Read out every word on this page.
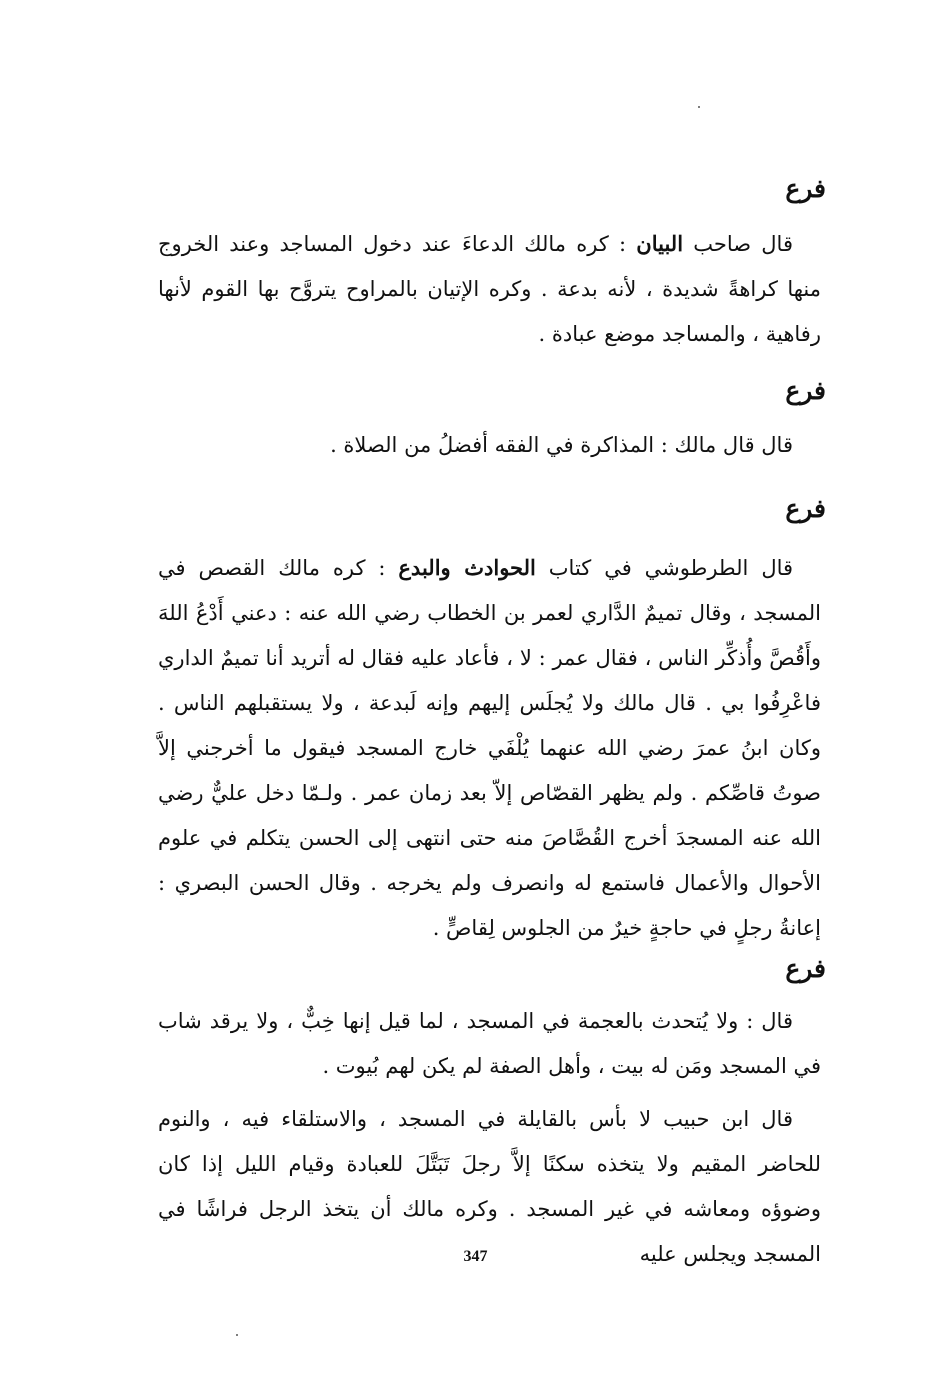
فرع

قال صاحب البيان : كره مالك الدعاءَ عند دخول المساجد وعند الخروج منها كراهةً شديدة ، لأنه بدعة . وكره الإتيان بالمراوح يتروَّح بها القوم لأنها رفاهية ، والمساجد موضع عبادة .

فرع

قال قال مالك : المذاكرة في الفقه أفضلُ من الصلاة .

فرع

قال الطرطوشي في كتاب الحوادث والبدع : كره مالك القصص في المسجد ، وقال تميمٌ الدَّاري لعمر بن الخطاب رضي الله عنه : دعني أَدْعُ اللهَ وأَقُصَّ وأُذكِّر الناس ، فقال عمر : لا ، فأعاد عليه فقال له أتريد أنا تميمٌ الداري فاعْرِفُوا بي . قال مالك ولا يُجلَس إليهم وإنه لَبدعة ، ولا يستقبلهم الناس . وكان ابنُ عمرَ رضي الله عنهما يُلْفَي خارج المسجد فيقول ما أخرجني إلاَّ صوتُ قاصِّكم . ولم يظهر القصّاص إلاّ بعد زمان عمر . ولـمّا دخل عليٌّ رضي الله عنه المسجدَ أخرج القُصَّاصَ منه حتى انتهى إلى الحسن يتكلم في علوم الأحوال والأعمال فاستمع له وانصرف ولم يخرجه . وقال الحسن البصري : إعانةُ رجلٍ في حاجةٍ خيرٌ من الجلوس لِقاصٍّ .

فرع

قال : ولا يُتحدث بالعجمة في المسجد ، لما قيل إنها خِبٌّ ، ولا يرقد شاب في المسجد ومَن له بيت ، وأهل الصفة لم يكن لهم بُيوت .

قال ابن حبيب لا بأس بالقايلة في المسجد ، والاستلقاء فيه ، والنوم للحاضر المقيم ولا يتخذه سكنًا إلاَّ رجلَ تَبَتَّلَ للعبادة وقيام الليل إذا كان وضوؤه ومعاشه في غير المسجد . وكره مالك أن يتخذ الرجل فراشًا في المسجد ويجلس عليه

347
